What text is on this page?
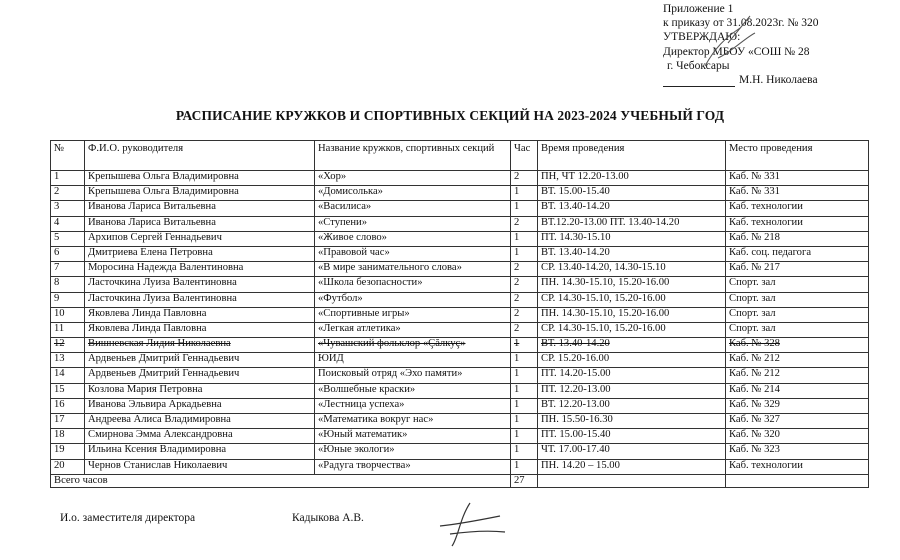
Приложение 1
к приказу от 31.08.2023г. № 320
УТВЕРЖДАЮ:
Директор МБОУ «СОШ № 28
г. Чебоксары
М.Н. Николаева
РАСПИСАНИЕ КРУЖКОВ И СПОРТИВНЫХ СЕКЦИЙ НА 2023-2024 УЧЕБНЫЙ ГОД
№	Ф.И.О. руководителя	Название кружков, спортивных секций	Час	Время проведения	Место проведения
1	Крепышева Ольга Владимировна	«Хор»	2	ПН, ЧТ 12.20-13.00	Каб. № 331
2	Крепышева Ольга Владимировна	«Домисолька»	1	ВТ. 15.00-15.40	Каб. № 331
3	Иванова Лариса Витальевна	«Василиса»	1	ВТ. 13.40-14.20	Каб. технологии
4	Иванова Лариса Витальевна	«Ступени»	2	ВТ.12.20-13.00 ПТ. 13.40-14.20	Каб. технологии
5	Архипов Сергей Геннадьевич	«Живое слово»	1	ПТ. 14.30-15.10	Каб. № 218
6	Дмитриева Елена Петровна	«Правовой час»	1	ВТ. 13.40-14.20	Каб. соц. педагога
7	Моросина Надежда Валентиновна	«В мире занимательного слова»	2	СР. 13.40-14.20, 14.30-15.10	Каб. № 217
8	Ласточкина Луиза Валентиновна	«Школа безопасности»	2	ПН. 14.30-15.10, 15.20-16.00	Спорт. зал
9	Ласточкина Луиза Валентиновна	«Футбол»	2	СР. 14.30-15.10, 15.20-16.00	Спорт. зал
10	Яковлева Линда Павловна	«Спортивные игры»	2	ПН. 14.30-15.10, 15.20-16.00	Спорт. зал
11	Яковлева Линда Павловна	«Легкая атлетика»	2	СР. 14.30-15.10, 15.20-16.00	Спорт. зал
12	Вишневская Лидия Николаевна	«Чувашский фольклор «Çăлкуç»	1	ВТ. 13.40-14.20	Каб. № 328
13	Ардвеньев Дмитрий Геннадьевич	ЮИД	1	СР. 15.20-16.00	Каб. № 212
14	Ардвеньев Дмитрий Геннадьевич	Поисковый отряд «Эхо памяти»	1	ПТ. 14.20-15.00	Каб. № 212
15	Козлова Мария Петровна	«Волшебные краски»	1	ПТ. 12.20-13.00	Каб. № 214
16	Иванова Эльвира Аркадьевна	«Лестница успеха»	1	ВТ. 12.20-13.00	Каб. № 329
17	Андреева Алиса Владимировна	«Математика вокруг нас»	1	ПН. 15.50-16.30	Каб. № 327
18	Смирнова Эмма Александровна	«Юный математик»	1	ПТ. 15.00-15.40	Каб. № 320
19	Ильина Ксения Владимировна	«Юные экологи»	1	ЧТ. 17.00-17.40	Каб. № 323
20	Чернов Станислав Николаевич	«Радуга творчества»	1	ПН. 14.20 – 15.00	Каб. технологии
Всего часов			27		
И.о. заместителя директора	Кадыкова А.В.
